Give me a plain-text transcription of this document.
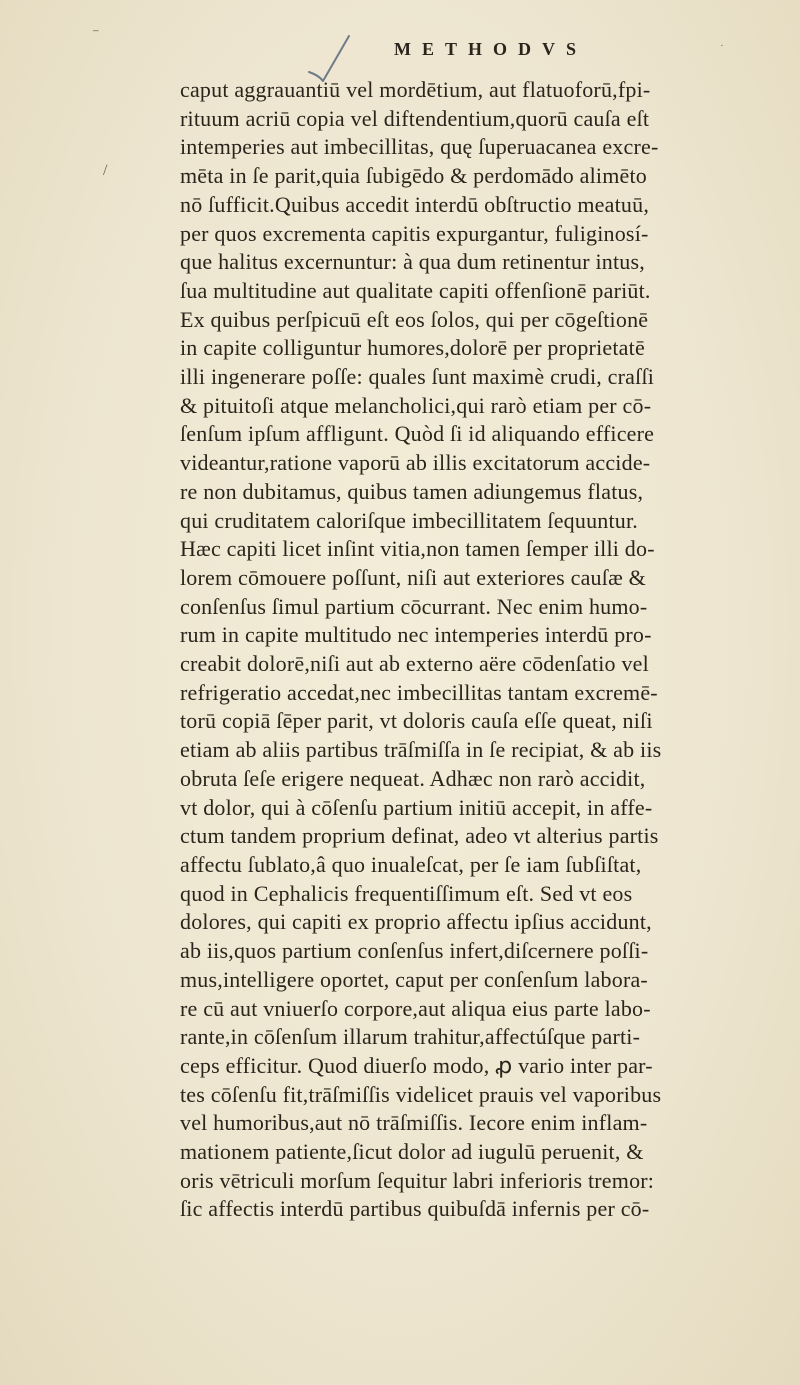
⁻
·
/
METHODVS
caput aggrauantiū vel mordētium, aut flatuoforū,fpi-
rituum acriū copia vel diftendentium,quorū cauſa eſt
intemperies aut imbecillitas, quę ſuperuacanea excre-
mēta in ſe parit,quia ſubigēdo & perdomādo alimēto
nō ſufficit.Quibus accedit interdū obſtructio meatuū,
per quos excrementa capitis expurgantur, fuliginosí-
que halitus excernuntur: à qua dum retinentur intus,
ſua multitudine aut qualitate capiti offenſionē pariūt.
Ex quibus perſpicuū eſt eos ſolos, qui per cōgeſtionē
in capite colliguntur humores,dolorē per proprietatē
illi ingenerare poſſe: quales ſunt maximè crudi, craſſi
& pituitoſi atque melancholici,qui rarò etiam per cō-
ſenſum ipſum affligunt. Quòd ſi id aliquando efficere
videantur,ratione vaporū ab illis excitatorum accide-
re non dubitamus, quibus tamen adiungemus flatus,
qui cruditatem caloriſque imbecillitatem ſequuntur.
Hæc capiti licet inſint vitia,non tamen ſemper illi do-
lorem cōmouere poſſunt, niſi aut exteriores cauſæ &
conſenſus ſimul partium cōcurrant. Nec enim humo-
rum in capite multitudo nec intemperies interdū pro-
creabit dolorē,niſi aut ab externo aëre cōdenſatio vel
refrigeratio accedat,nec imbecillitas tantam excremē-
torū copiā ſēper parit, vt doloris cauſa eſſe queat, niſi
etiam ab aliis partibus trāſmiſſa in ſe recipiat, & ab iis
obruta ſeſe erigere nequeat. Adhæc non rarò accidit,
vt dolor, qui à cōſenſu partium initiū accepit, in affe-
ctum tandem proprium definat, adeo vt alterius partis
affectu ſublato,â quo inualeſcat, per ſe iam ſubſiſtat,
quod in Cephalicis frequentiſſimum eſt. Sed vt eos
dolores, qui capiti ex proprio affectu ipſius accidunt,
ab iis,quos partium conſenſus infert,diſcernere poſſi-
mus,intelligere oportet, caput per conſenſum labora-
re cū aut vniuerſo corpore,aut aliqua eius parte labo-
rante,in cōſenſum illarum trahitur,affectúſque parti-
ceps efficitur. Quod diuerſo modo, ꝓ vario inter par-
tes cōſenſu fit,trāſmiſſis videlicet prauis vel vaporibus
vel humoribus,aut nō trāſmiſſis. Iecore enim inflam-
mationem patiente,ſicut dolor ad iugulū peruenit, &
oris vētriculi morſum ſequitur labri inferioris tremor:
ſic affectis interdū partibus quibuſdā infernis per cō-
